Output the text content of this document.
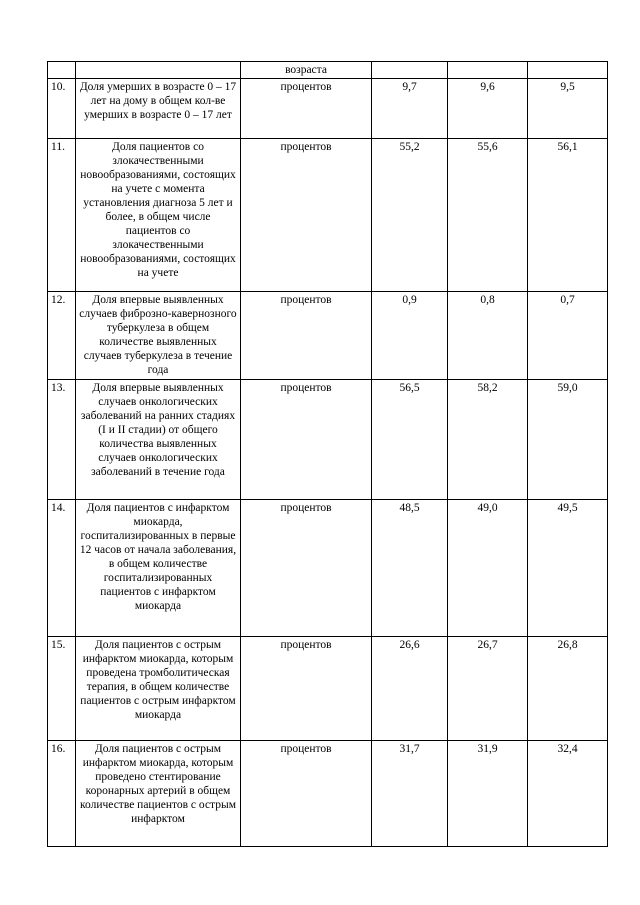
		возраста			
10.	Доля умерших в возрасте 0 – 17 лет на дому в общем кол-ве умерших в возрасте 0 – 17 лет	процентов	9,7	9,6	9,5
11.	Доля пациентов со злокачественными новообразованиями, состоящих на учете с момента установления диагноза 5 лет и более, в общем числе пациентов со злокачественными новообразованиями, состоящих на учете	процентов	55,2	55,6	56,1
12.	Доля впервые выявленных случаев фиброзно-кавернозного туберкулеза в общем количестве выявленных случаев туберкулеза в течение года	процентов	0,9	0,8	0,7
13.	Доля впервые выявленных случаев онкологических заболеваний на ранних стадиях (I и II стадии) от общего количества выявленных случаев онкологических заболеваний в течение года	процентов	56,5	58,2	59,0
14.	Доля пациентов с инфарктом миокарда, госпитализированных в первые 12 часов от начала заболевания, в общем количестве госпитализированных пациентов с инфарктом миокарда	процентов	48,5	49,0	49,5
15.	Доля пациентов с острым инфарктом миокарда, которым проведена тромболитическая терапия, в общем количестве пациентов с острым инфарктом миокарда	процентов	26,6	26,7	26,8
16.	Доля пациентов с острым инфарктом миокарда, которым проведено стентирование коронарных артерий в общем количестве пациентов с острым инфарктом	процентов	31,7	31,9	32,4
